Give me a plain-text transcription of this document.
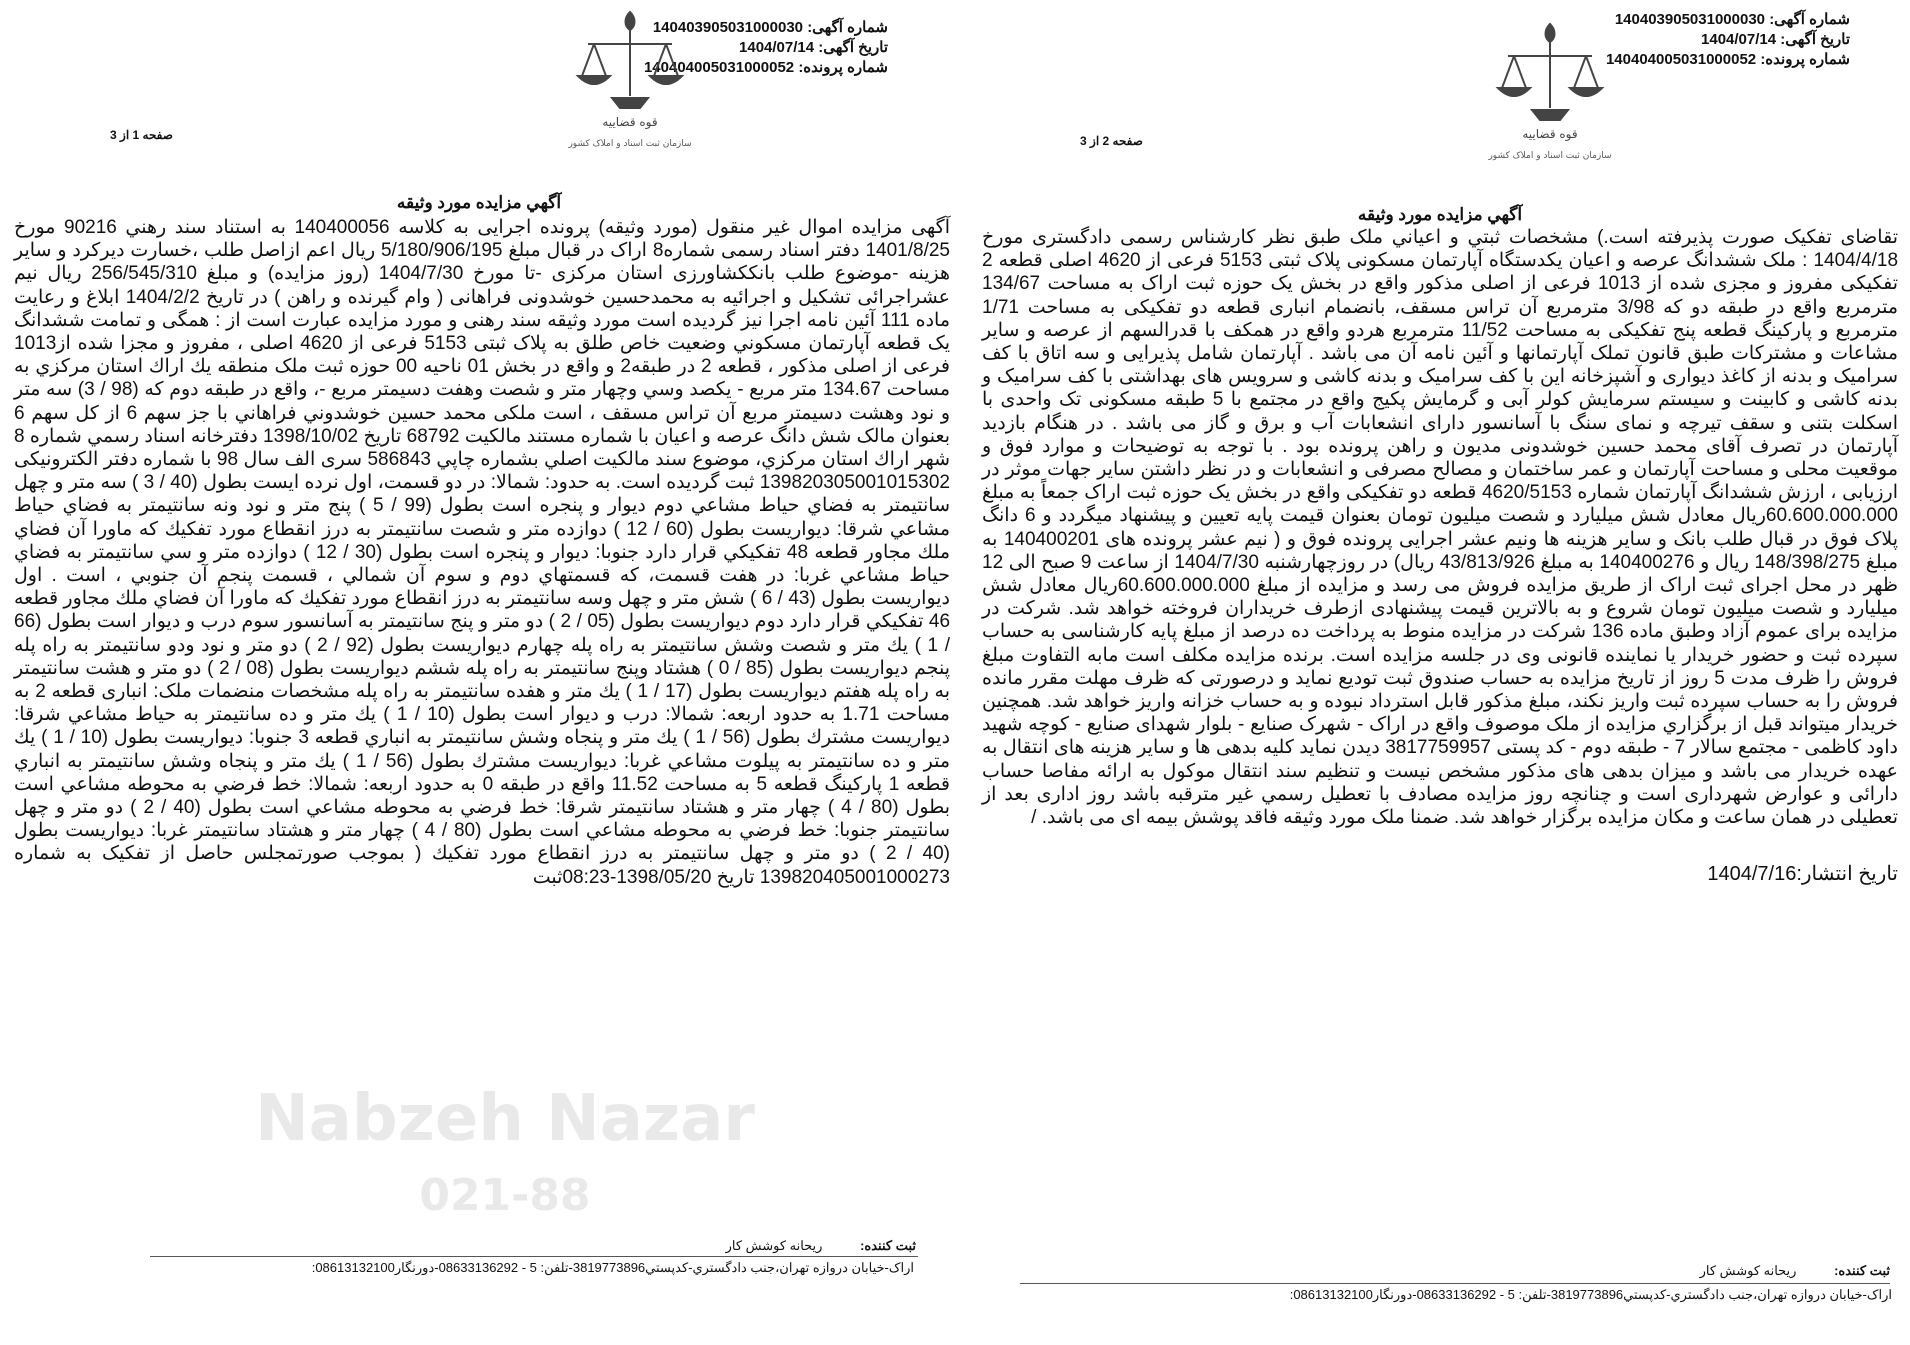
شماره آگهی: 140403905031000030
تاریخ آگهی: 1404/07/14
شماره پرونده: 140404005031000052
قوه قضاییه
سازمان ثبت اسناد و املاک کشور
صفحه 1 از 3
آگهي مزايده مورد وثيقه

آگهی مزایده اموال غیر منقول (مورد وثیقه) پرونده اجرایی به کلاسه 140400056 به استناد سند رهني 90216 مورخ 1401/8/25 دفتر اسناد رسمی شماره8 اراک در قبال مبلغ 5/180/906/195 ریال اعم ازاصل طلب ،خسارت دیرکرد و سایر هزینه -موضوع طلب بانککشاورزی استان مرکزی -تا مورخ 1404/7/30 (روز مزایده) و مبلغ 256/545/310 ریال نیم عشراجرائی تشکیل و اجرائیه به محمدحسین خوشدونی فراهانی ( وام گیرنده و راهن ) در تاریخ 1404/2/2 ابلاغ و رعایت ماده 111 آئین نامه اجرا نیز گردیده است مورد وثیقه سند رهنی و مورد مزایده عبارت است از : همگی و تمامت ششدانگ یک قطعه آپارتمان مسکوني وضعیت خاص طلق به پلاک ثبتی 5153 فرعی از 4620 اصلی ، مفروز و مجزا شده از1013 فرعی از اصلی مذکور ، قطعه 2 در طبقه2 و واقع در بخش 01 ناحیه 00 حوزه ثبت ملک منطقه يك اراك استان مرکزي به مساحت 134.67 متر مربع - يكصد وسي وچهار متر و شصت وهفت دسيمتر مربع -، واقع در طبقه دوم كه (98 / 3) سه متر و نود وهشت دسيمتر مربع آن تراس مسقف ، است ملكی محمد حسين خوشدوني فراهاني با جز سهم 6 از كل سهم 6 بعنوان مالک شش دانگ عرصه و اعيان با شماره مستند مالکیت 68792 تاريخ 1398/10/02 دفترخانه اسناد رسمي شماره 8 شهر اراك استان مركزي، موضوع سند مالکیت اصلي بشماره چاپي 586843 سری الف سال 98 با شماره دفتر الکترونیکی 139820305001015302 ثبت گردیده است. به حدود: شمالا: در دو قسمت، اول نرده ايست بطول (40 / 3 ) سه متر و چهل سانتيمتر به فضاي حياط مشاعي دوم ديوار و پنجره است بطول (99 / 5 ) پنج متر و نود ونه سانتيمتر به فضاي حياط مشاعي شرقا: ديواريست بطول (60 / 12 ) دوازده متر و شصت سانتيمتر به درز انقطاع مورد تفكيك كه ماورا آن فضاي ملك مجاور قطعه 48 تفكيكي قرار دارد جنوبا: ديوار و پنجره است بطول (30 / 12 ) دوازده متر و سي سانتيمتر به فضاي حياط مشاعي غربا: در هفت قسمت، كه قسمتهاي دوم و سوم آن شمالي ، قسمت پنجم آن جنوبي ، است . اول ديواريست بطول (43 / 6 ) شش متر و چهل وسه سانتيمتر به درز انقطاع مورد تفكيك كه ماورا آن فضاي ملك مجاور قطعه 46 تفكيكي قرار دارد دوم ديواريست بطول (05 / 2 ) دو متر و پنج سانتيمتر به آسانسور سوم درب و ديوار است بطول (66 / 1 ) يك متر و شصت وشش سانتيمتر به راه پله چهارم ديواريست بطول (92 / 2 ) دو متر و نود ودو سانتيمتر به راه پله پنجم ديواريست بطول (85 / 0 ) هشتاد وپنج سانتيمتر به راه پله ششم ديواريست بطول (08 / 2 ) دو متر و هشت سانتيمتر به راه پله هفتم ديواريست بطول (17 / 1 ) يك متر و هفده سانتيمتر به راه پله مشخصات منضمات ملک: انباری قطعه 2 به مساحت 1.71 به حدود اربعه: شمالا: درب و ديوار است بطول (10 / 1 ) يك متر و ده سانتيمتر به حياط مشاعي شرقا: ديواريست مشترك بطول (56 / 1 ) يك متر و پنجاه وشش سانتيمتر به انباري قطعه 3 جنوبا: ديواريست بطول (10 / 1 ) يك متر و ده سانتيمتر به پيلوت مشاعي غربا: ديواريست مشترك بطول (56 / 1 ) يك متر و پنجاه وشش سانتيمتر به انباري قطعه 1 پارکینگ قطعه 5 به مساحت 11.52 واقع در طبقه 0 به حدود اربعه: شمالا: خط فرضي به محوطه مشاعي است بطول (80 / 4 ) چهار متر و هشتاد سانتيمتر شرقا: خط فرضي به محوطه مشاعي است بطول (40 / 2 ) دو متر و چهل سانتيمتر جنوبا: خط فرضي به محوطه مشاعي است بطول (80 / 4 ) چهار متر و هشتاد سانتيمتر غربا: ديواريست بطول (40 / 2 ) دو متر و چهل سانتيمتر به درز انقطاع مورد تفكيك ( بموجب صورتمجلس حاصل از تفکیک به شماره 139820405001000273 تاریخ 1398/05/20-08:23ثبت

ثبت کننده: ریحانه کوشش کار
اراک-خیابان دروازه تهران،جنب دادگستري-کدپستي3819773896-تلفن: 5 - 08633136292-دورنگار08613132100:
شماره آگهی: 140403905031000030
تاریخ آگهی: 1404/07/14
شماره پرونده: 140404005031000052
قوه قضاییه
سازمان ثبت اسناد و املاک کشور
صفحه 2 از 3
آگهي مزايده مورد وثيقه

تقاضای تفکیک صورت پذیرفته است.) مشخصات ثبتي و اعياني ملک طبق نظر کارشناس رسمی دادگستری مورخ 1404/4/18 : ملک ششدانگ عرصه و اعیان یکدستگاه آپارتمان مسکونی پلاک ثبتی 5153 فرعی از 4620 اصلی قطعه 2 تفکیکی مفروز و مجزی شده از 1013 فرعی از اصلی مذکور واقع در بخش یک حوزه ثبت اراک به مساحت 134/67 مترمربع واقع در طبقه دو که 3/98 مترمربع آن تراس مسقف، بانضمام انباری قطعه دو تفکیکی به مساحت 1/71 مترمربع و پارکینگ قطعه پنج تفکیکی به مساحت 11/52 مترمربع هردو واقع در همکف با قدرالسهم از عرصه و سایر مشاعات و مشترکات طبق قانون تملک آپارتمانها و آئین نامه آن می باشد . آپارتمان شامل پذیرایی و سه اتاق با کف سرامیک و بدنه از کاغذ دیواری و آشپزخانه این با کف سرامیک و بدنه کاشی و سرویس های بهداشتی با کف سرامیک و بدنه کاشی و کابینت و سیستم سرمایش کولر آبی و گرمایش پکیج واقع در مجتمع با 5 طبقه مسکونی تک واحدی با اسکلت بتنی و سقف تیرچه و نمای سنگ با آسانسور دارای انشعابات آب و برق و گاز می باشد . در هنگام بازدید آپارتمان در تصرف آقای محمد حسین خوشدونی مدیون و راهن پرونده بود . با توجه به توضیحات و موارد فوق و موقعیت محلی و مساحت آپارتمان و عمر ساختمان و مصالح مصرفی و انشعابات و در نظر داشتن سایر جهات موثر در ارزیابی ، ارزش ششدانگ آپارتمان شماره 4620/5153 قطعه دو تفکیکی واقع در بخش یک حوزه ثبت اراک جمعاً به مبلغ 60.600.000.000ريال معادل شش میلیارد و شصت میلیون تومان بعنوان قیمت پایه تعیین و پیشنهاد میگردد و 6 دانگ پلاک فوق در قبال طلب بانک و سایر هزینه ها ونیم عشر اجرایی پرونده فوق و ( نیم عشر پرونده های 140400201 به مبلغ 148/398/275 ریال و 140400276 به مبلغ 43/813/926 ریال) در روزچهارشنبه 1404/7/30 از ساعت 9 صبح الی 12 ظهر در محل اجرای ثبت اراک از طریق مزایده فروش می رسد و مزایده از مبلغ 60.600.000.000ريال معادل شش میلیارد و شصت میلیون تومان شروع و به بالاترین قیمت پیشنهادی ازطرف خریداران فروخته خواهد شد. شرکت در مزایده برای عموم آزاد وطبق ماده 136 شرکت در مزایده منوط به پرداخت ده درصد از مبلغ پایه کارشناسی به حساب سپرده ثبت و حضور خریدار یا نماینده قانونی وی در جلسه مزایده است. برنده مزایده مکلف است مابه التفاوت مبلغ فروش را ظرف مدت 5 روز از تاریخ مزایده به حساب صندوق ثبت تودیع نماید و درصورتی که ظرف مهلت مقرر مانده فروش را به حساب سپرده ثبت واریز نکند، مبلغ مذکور قابل استرداد نبوده و به حساب خزانه واریز خواهد شد. همچنین خریدار میتواند قبل از برگزاري مزايده از ملک موصوف واقع در اراک - شهرک صنایع - بلوار شهدای صنایع - کوچه شهید داود کاظمی - مجتمع سالار 7 - طبقه دوم - کد پستی 3817759957 دیدن نماید کلیه بدهی ها و سایر هزینه های انتقال به عهده خریدار می باشد و میزان بدهی های مذکور مشخص نیست و تنظیم سند انتقال موکول به ارائه مفاصا حساب دارائی و عوارض شهرداری است و چنانچه روز مزایده مصادف با تعطیل رسمي غير مترقبه باشد روز اداری بعد از تعطیلی در همان ساعت و مکان مزایده برگزار خواهد شد. ضمنا ملک مورد وثیقه فاقد پوشش بیمه ای می باشد. /

تاریخ انتشار:1404/7/16

ثبت کننده: ریحانه کوشش کار
اراک-خیابان دروازه تهران،جنب دادگستري-کدپستي3819773896-تلفن: 5 - 08633136292-دورنگار08613132100:
Nabzeh Nazar
021-88
